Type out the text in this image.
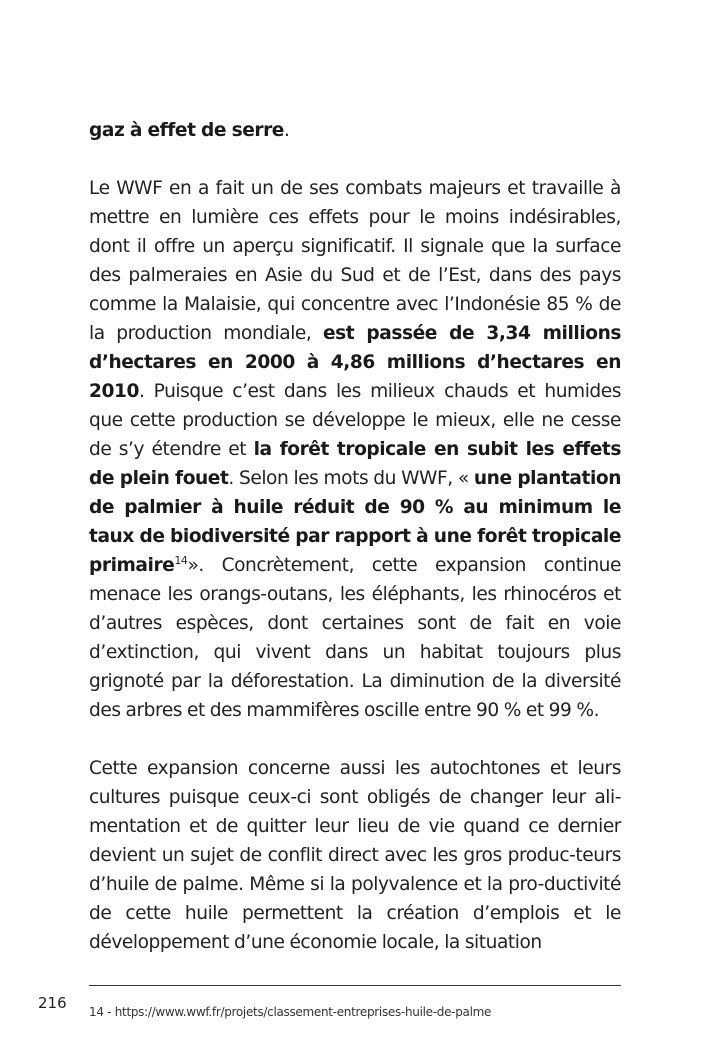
gaz à effet de serre.

Le WWF en a fait un de ses combats majeurs et travaille à mettre en lumière ces effets pour le moins indésirables, dont il offre un aperçu significatif. Il signale que la surface des palmeraies en Asie du Sud et de l’Est, dans des pays comme la Malaisie, qui concentre avec l’Indonésie 85 % de la production mondiale, est passée de 3,34 millions d’hectares en 2000 à 4,86 millions d’hectares en 2010. Puisque c’est dans les milieux chauds et humides que cette production se développe le mieux, elle ne cesse de s’y étendre et la forêt tropicale en subit les effets de plein fouet. Selon les mots du WWF, « une plantation de palmier à huile réduit de 90 % au minimum le taux de biodiversité par rapport à une forêt tropicale primaire$^{14}$». Concrètement, cette expansion continue menace les orangs-outans, les éléphants, les rhinocéros et d’autres espèces, dont certaines sont de fait en voie d’extinction, qui vivent dans un habitat toujours plus grignoté par la déforestation. La diminution de la diversité des arbres et des mammifères oscille entre 90 % et 99 %.

Cette expansion concerne aussi les autochtones et leurs cultures puisque ceux-ci sont obligés de changer leur ali-mentation et de quitter leur lieu de vie quand ce dernier devient un sujet de conflit direct avec les gros produc-teurs d’huile de palme. Même si la polyvalence et la pro-ductivité de cette huile permettent la création d’emplois et le développement d’une économie locale, la situation

216 14 - https://www.wwf.fr/projets/classement-entreprises-huile-de-palme
